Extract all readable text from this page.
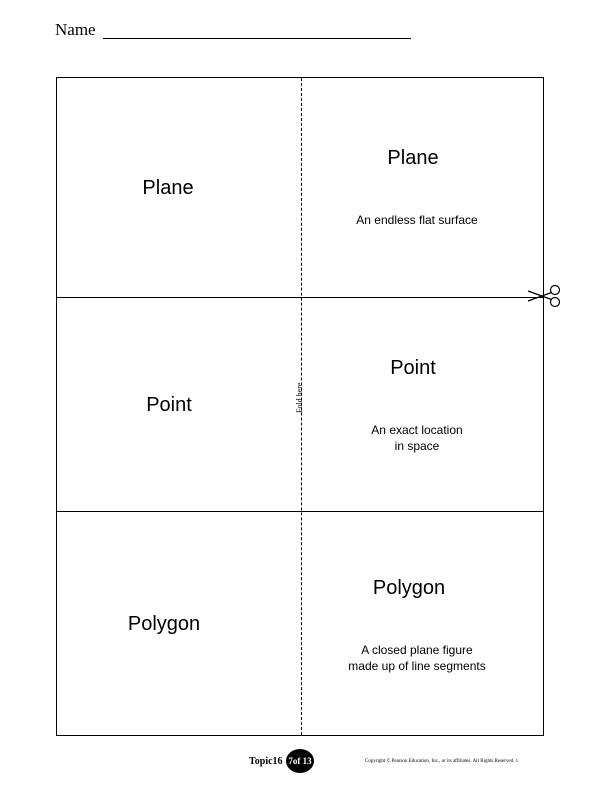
Name
Fold here
Plane
Plane
An endless flat surface
Point
Point
An exact location
in space
Polygon
Polygon
A closed plane figure
made up of line segments
Topic16 7of 13	Copyright © Pearson Education, Inc., or its affiliates. All Rights Reserved. 1
